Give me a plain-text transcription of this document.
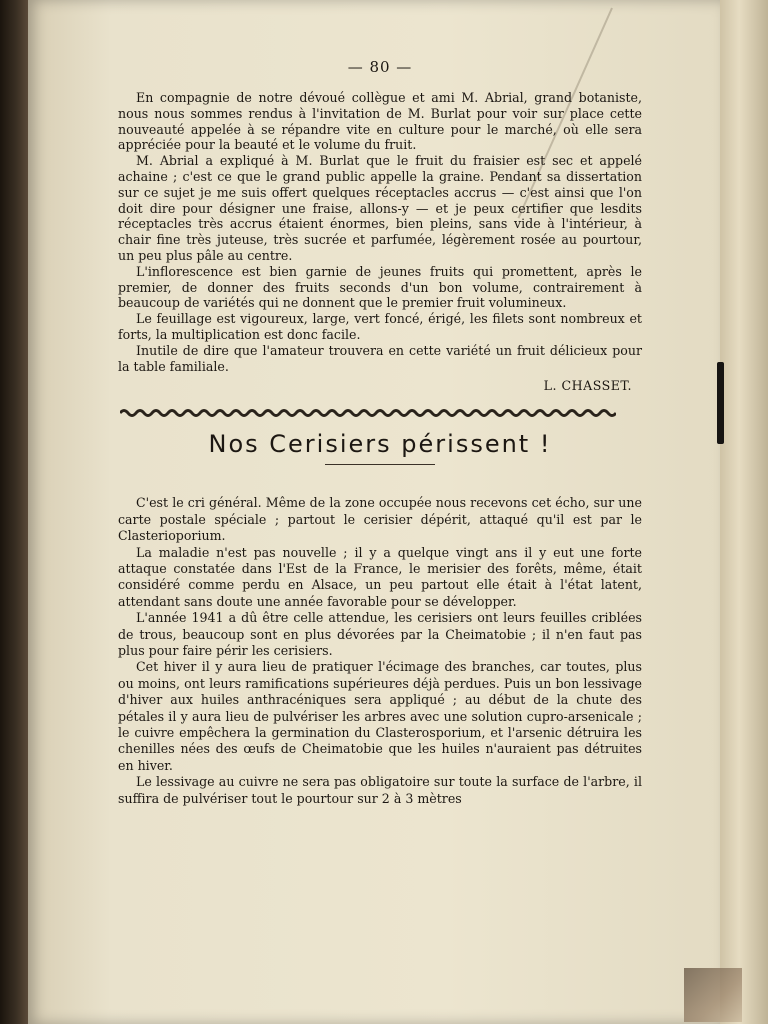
— 80 —

En compagnie de notre dévoué collègue et ami M. Abrial, grand botaniste, nous nous sommes rendus à l'invitation de M. Burlat pour voir sur place cette nouveauté appelée à se répandre vite en culture pour le marché, où elle sera appréciée pour la beauté et le volume du fruit.

M. Abrial a expliqué à M. Burlat que le fruit du fraisier est sec et appelé achaine ; c'est ce que le grand public appelle la graine. Pendant sa dissertation sur ce sujet je me suis offert quelques réceptacles accrus — c'est ainsi que l'on doit dire pour désigner une fraise, allons-y — et je peux certifier que lesdits réceptacles très accrus étaient énormes, bien pleins, sans vide à l'intérieur, à chair fine très juteuse, très sucrée et parfumée, légèrement rosée au pourtour, un peu plus pâle au centre.

L'inflorescence est bien garnie de jeunes fruits qui promettent, après le premier, de donner des fruits seconds d'un bon volume, contrairement à beaucoup de variétés qui ne donnent que le premier fruit volumineux.

Le feuillage est vigoureux, large, vert foncé, érigé, les filets sont nombreux et forts, la multiplication est donc facile.

Inutile de dire que l'amateur trouvera en cette variété un fruit délicieux pour la table familiale.

L. CHASSET.
Nos Cerisiers périssent !

C'est le cri général. Même de la zone occupée nous recevons cet écho, sur une carte postale spéciale ; partout le cerisier dépérit, attaqué qu'il est par le Clasterioporium.

La maladie n'est pas nouvelle ; il y a quelque vingt ans il y eut une forte attaque constatée dans l'Est de la France, le merisier des forêts, même, était considéré comme perdu en Alsace, un peu partout elle était à l'état latent, attendant sans doute une année favorable pour se développer.

L'année 1941 a dû être celle attendue, les cerisiers ont leurs feuilles criblées de trous, beaucoup sont en plus dévorées par la Cheimatobie ; il n'en faut pas plus pour faire périr les cerisiers.

Cet hiver il y aura lieu de pratiquer l'écimage des branches, car toutes, plus ou moins, ont leurs ramifications supérieures déjà perdues. Puis un bon lessivage d'hiver aux huiles anthracéniques sera appliqué ; au début de la chute des pétales il y aura lieu de pulvériser les arbres avec une solution cupro-arsenicale ; le cuivre empêchera la germination du Clasterosporium, et l'arsenic détruira les chenilles nées des œufs de Cheimatobie que les huiles n'auraient pas détruites en hiver.

Le lessivage au cuivre ne sera pas obligatoire sur toute la surface de l'arbre, il suffira de pulvériser tout le pourtour sur 2 à 3 mètres
